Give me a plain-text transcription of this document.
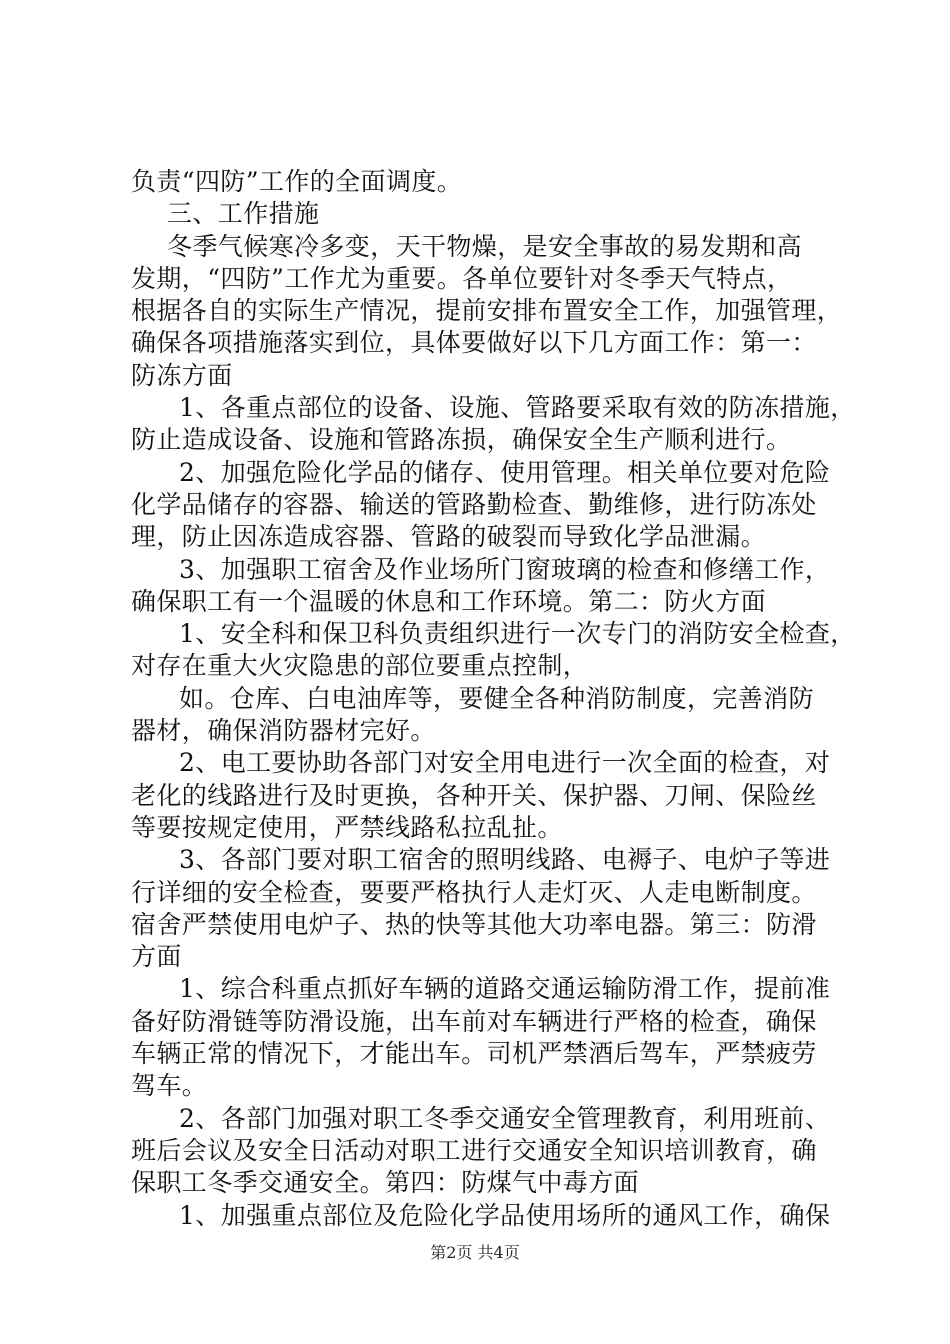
负责“四防”工作的全面调度。
三、工作措施
冬季气候寒冷多变，天干物燥，是安全事故的易发期和高
发期，“四防”工作尤为重要。各单位要针对冬季天气特点，
根据各自的实际生产情况，提前安排布置安全工作，加强管理，
确保各项措施落实到位，具体要做好以下几方面工作：第一：
防冻方面
1、各重点部位的设备、设施、管路要采取有效的防冻措施，
防止造成设备、设施和管路冻损，确保安全生产顺利进行。
2、加强危险化学品的储存、使用管理。相关单位要对危险
化学品储存的容器、输送的管路勤检查、勤维修，进行防冻处
理，防止因冻造成容器、管路的破裂而导致化学品泄漏。
3、加强职工宿舍及作业场所门窗玻璃的检查和修缮工作，
确保职工有一个温暖的休息和工作环境。第二：防火方面
1、安全科和保卫科负责组织进行一次专门的消防安全检查，
对存在重大火灾隐患的部位要重点控制，
如。仓库、白电油库等，要健全各种消防制度，完善消防
器材，确保消防器材完好。
2、电工要协助各部门对安全用电进行一次全面的检查，对
老化的线路进行及时更换，各种开关、保护器、刀闸、保险丝
等要按规定使用，严禁线路私拉乱扯。
3、各部门要对职工宿舍的照明线路、电褥子、电炉子等进
行详细的安全检查，要要严格执行人走灯灭、人走电断制度。
宿舍严禁使用电炉子、热的快等其他大功率电器。第三：防滑
方面
1、综合科重点抓好车辆的道路交通运输防滑工作，提前准
备好防滑链等防滑设施，出车前对车辆进行严格的检查，确保
车辆正常的情况下，才能出车。司机严禁酒后驾车，严禁疲劳
驾车。
2、各部门加强对职工冬季交通安全管理教育，利用班前、
班后会议及安全日活动对职工进行交通安全知识培训教育，确
保职工冬季交通安全。第四：防煤气中毒方面
1、加强重点部位及危险化学品使用场所的通风工作，确保
第2页 共4页
